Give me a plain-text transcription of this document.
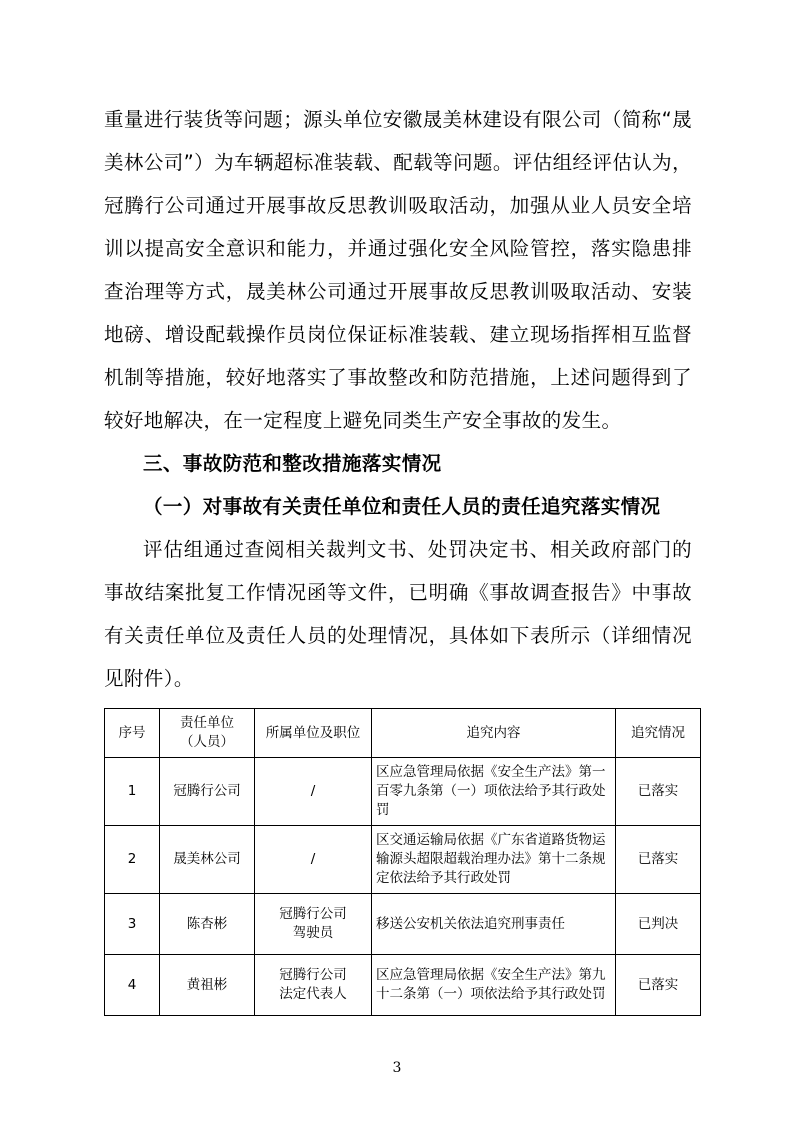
重量进行装货等问题；源头单位安徽晟美林建设有限公司（简称“晟美林公司”）为车辆超标准装载、配载等问题。评估组经评估认为，冠腾行公司通过开展事故反思教训吸取活动，加强从业人员安全培训以提高安全意识和能力，并通过强化安全风险管控，落实隐患排查治理等方式，晟美林公司通过开展事故反思教训吸取活动、安装地磅、增设配载操作员岗位保证标准装载、建立现场指挥相互监督机制等措施，较好地落实了事故整改和防范措施，上述问题得到了较好地解决，在一定程度上避免同类生产安全事故的发生。

三、事故防范和整改措施落实情况

（一）对事故有关责任单位和责任人员的责任追究落实情况

评估组通过查阅相关裁判文书、处罚决定书、相关政府部门的事故结案批复工作情况函等文件，已明确《事故调查报告》中事故有关责任单位及责任人员的处理情况，具体如下表所示（详细情况见附件）。

序号	责任单位
（人员）	所属单位及职位	追究内容	追究情况
1	冠腾行公司	/	区应急管理局依据《安全生产法》第一百零九条第（一）项依法给予其行政处罚	已落实
2	晟美林公司	/	区交通运输局依据《广东省道路货物运输源头超限超载治理办法》第十二条规定依法给予其行政处罚	已落实
3	陈杏彬	冠腾行公司
驾驶员	移送公安机关依法追究刑事责任	已判决
4	黄祖彬	冠腾行公司
法定代表人	区应急管理局依据《安全生产法》第九十二条第（一）项依法给予其行政处罚	已落实
3
